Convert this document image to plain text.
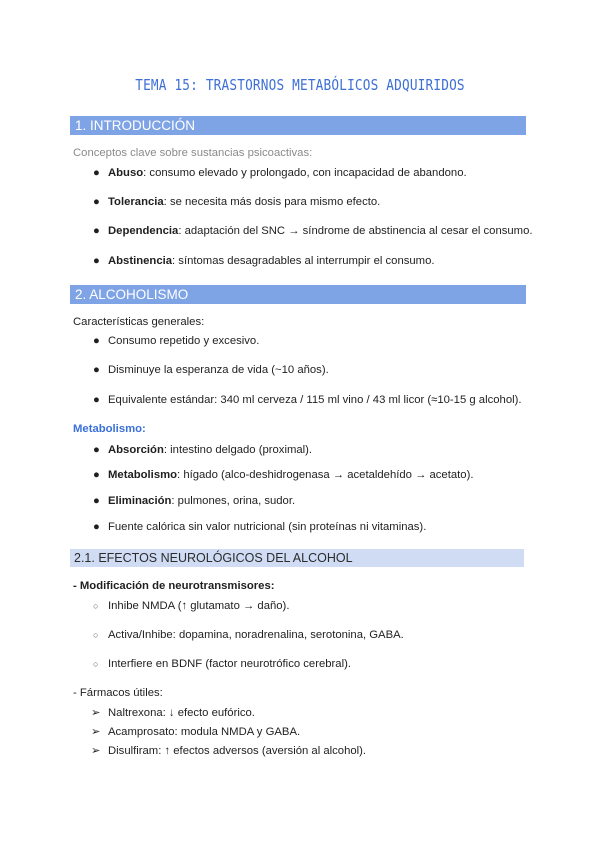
TEMA 15: TRASTORNOS METABÓLICOS ADQUIRIDOS
1. INTRODUCCIÓN
Conceptos clave sobre sustancias psicoactivas:
● Abuso: consumo elevado y prolongado, con incapacidad de abandono.
● Tolerancia: se necesita más dosis para mismo efecto.
● Dependencia: adaptación del SNC → síndrome de abstinencia al cesar el consumo.
● Abstinencia: síntomas desagradables al interrumpir el consumo.
2. ALCOHOLISMO
Características generales:
● Consumo repetido y excesivo.
● Disminuye la esperanza de vida (~10 años).
● Equivalente estándar: 340 ml cerveza / 115 ml vino / 43 ml licor (≈10-15 g alcohol).
Metabolismo:
● Absorción: intestino delgado (proximal).
● Metabolismo: hígado (alco-deshidrogenasa → acetaldehído → acetato).
● Eliminación: pulmones, orina, sudor.
● Fuente calórica sin valor nutricional (sin proteínas ni vitaminas).
2.1. EFECTOS NEUROLÓGICOS DEL ALCOHOL
- Modificación de neurotransmisores:
○ Inhibe NMDA (↑ glutamato → daño).
○ Activa/Inhibe: dopamina, noradrenalina, serotonina, GABA.
○ Interfiere en BDNF (factor neurotrófico cerebral).
- Fármacos útiles:
➢ Naltrexona: ↓ efecto eufórico.
➢ Acamprosato: modula NMDA y GABA.
➢ Disulfiram: ↑ efectos adversos (aversión al alcohol).
